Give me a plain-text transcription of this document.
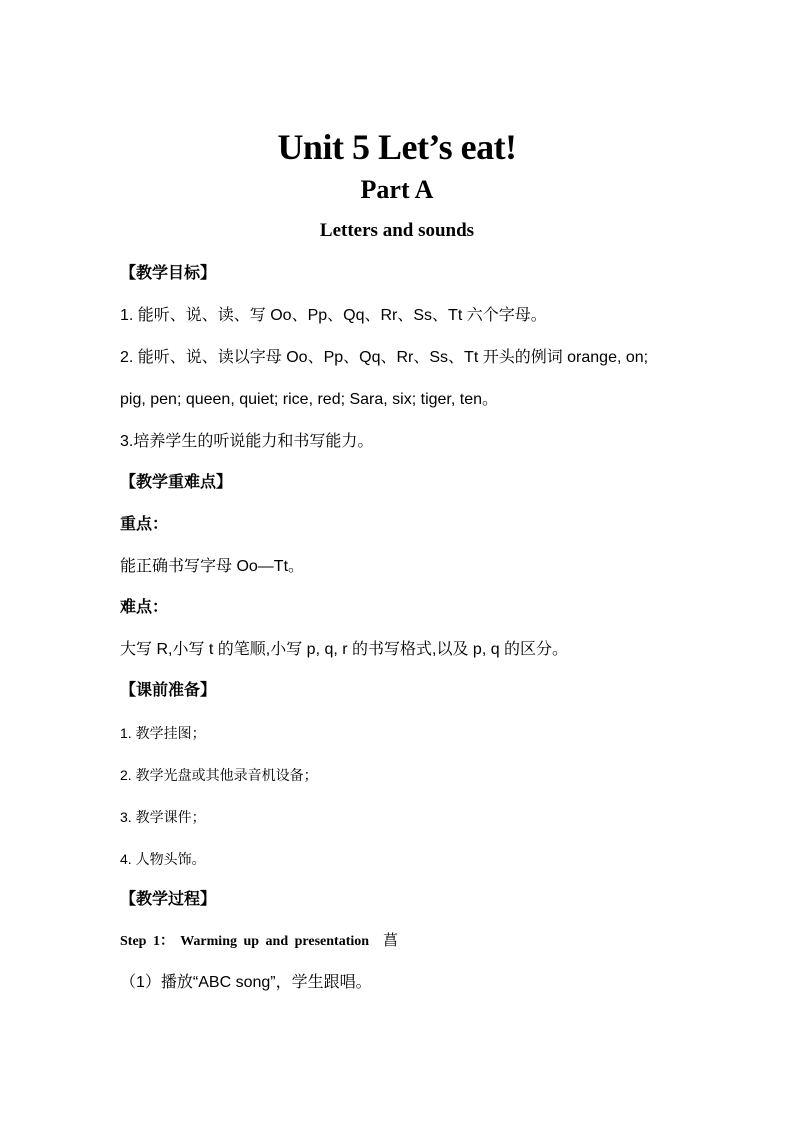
Unit 5 Let’s eat!
Part A
Letters and sounds
【教学目标】
1. 能听、说、读、写 Oo、Pp、Qq、Rr、Ss、Tt 六个字母。
2. 能听、说、读以字母 Oo、Pp、Qq、Rr、Ss、Tt 开头的例词 orange, on;
pig, pen; queen, quiet; rice, red; Sara, six; tiger, ten。
3.培养学生的听说能力和书写能力。
【教学重难点】
重点：
能正确书写字母 Oo—Tt。
难点：
大写 R,小写 t 的笔顺,小写 p, q, r 的书写格式,以及 p, q 的区分。
【课前准备】
1. 教学挂图；
2. 教学光盘或其他录音机设备；
3. 教学课件；
4. 人物头饰。
【教学过程】
Step 1： Warming up and presentation 菖
（1）播放“ABC song”，学生跟唱。
